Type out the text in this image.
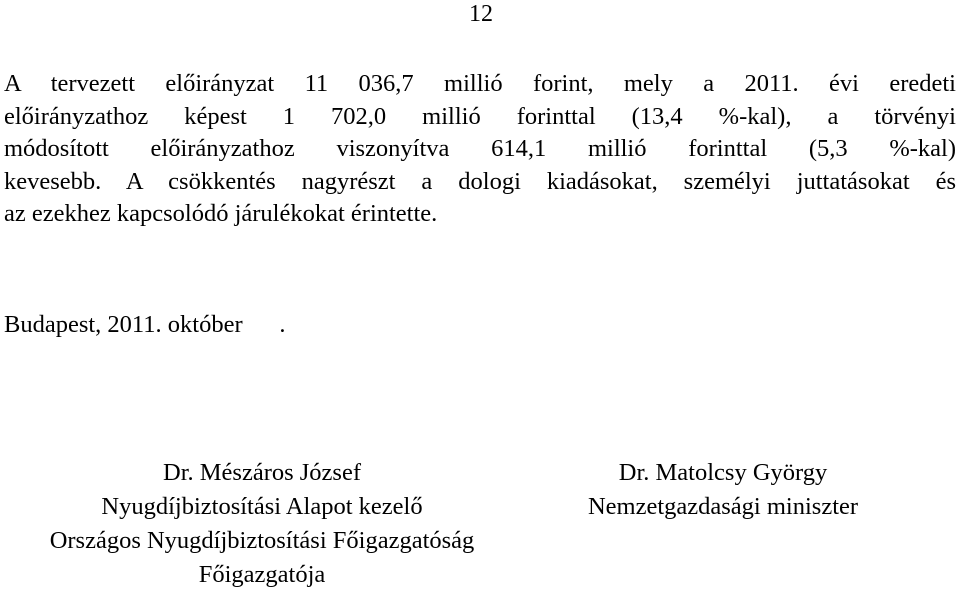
12
A tervezett előirányzat 11 036,7 millió forint, mely a 2011. évi eredeti
előirányzathoz képest 1 702,0 millió forinttal (13,4 %-kal), a törvényi
módosított előirányzathoz viszonyítva 614,1 millió forinttal (5,3 %-kal)
kevesebb. A csökkentés nagyrészt a dologi kiadásokat, személyi juttatásokat és
az ezekhez kapcsolódó járulékokat érintette.
Budapest, 2011. október      .
Dr. Mészáros József
Nyugdíjbiztosítási Alapot kezelő
Országos Nyugdíjbiztosítási Főigazgatóság
Főigazgatója
Dr. Matolcsy György
Nemzetgazdasági miniszter
